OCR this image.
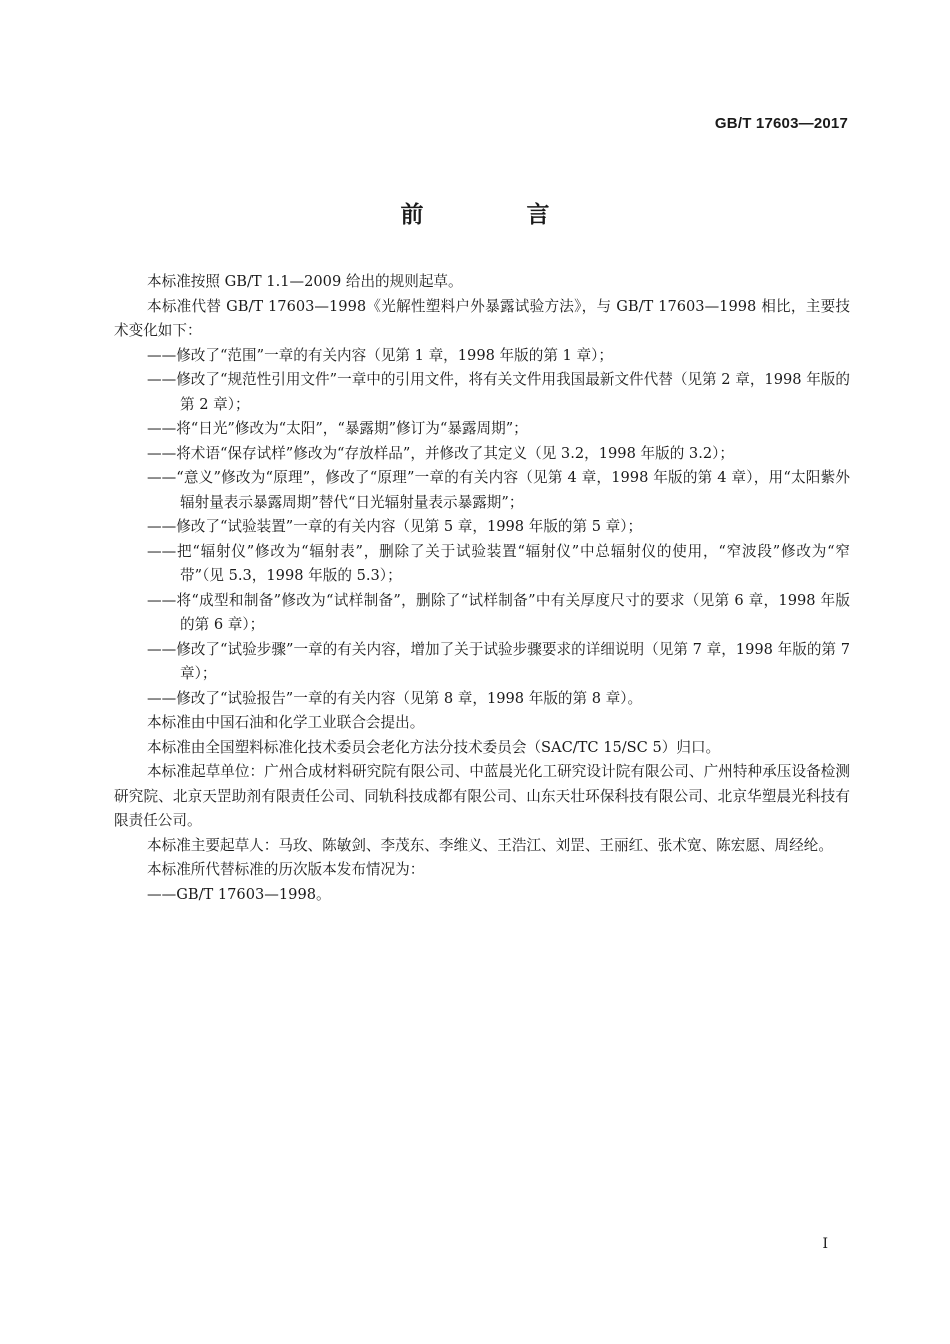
GB/T 17603—2017
前　言

本标准按照 GB/T 1.1—2009 给出的规则起草。

本标准代替 GB/T 17603—1998《光解性塑料户外暴露试验方法》，与 GB/T 17603—1998 相比，主要技术变化如下：

——修改了“范围”一章的有关内容（见第 1 章，1998 年版的第 1 章）；

——修改了“规范性引用文件”一章中的引用文件，将有关文件用我国最新文件代替（见第 2 章，1998 年版的第 2 章）；

——将“日光”修改为“太阳”，“暴露期”修订为“暴露周期”；

——将术语“保存试样”修改为“存放样品”，并修改了其定义（见 3.2，1998 年版的 3.2）；

——“意义”修改为“原理”，修改了“原理”一章的有关内容（见第 4 章，1998 年版的第 4 章），用“太阳紫外辐射量表示暴露周期”替代“日光辐射量表示暴露期”；

——修改了“试验装置”一章的有关内容（见第 5 章，1998 年版的第 5 章）；

——把“辐射仪”修改为“辐射表”，删除了关于试验装置“辐射仪”中总辐射仪的使用，“窄波段”修改为“窄带”（见 5.3，1998 年版的 5.3）；

——将“成型和制备”修改为“试样制备”，删除了“试样制备”中有关厚度尺寸的要求（见第 6 章，1998 年版的第 6 章）；

——修改了“试验步骤”一章的有关内容，增加了关于试验步骤要求的详细说明（见第 7 章，1998 年版的第 7 章）；

——修改了“试验报告”一章的有关内容（见第 8 章，1998 年版的第 8 章）。

本标准由中国石油和化学工业联合会提出。

本标准由全国塑料标准化技术委员会老化方法分技术委员会（SAC/TC 15/SC 5）归口。

本标准起草单位：广州合成材料研究院有限公司、中蓝晨光化工研究设计院有限公司、广州特种承压设备检测研究院、北京天罡助剂有限责任公司、同轨科技成都有限公司、山东天壮环保科技有限公司、北京华塑晨光科技有限责任公司。

本标准主要起草人：马玫、陈敏剑、李茂东、李维义、王浩江、刘罡、王丽红、张术宽、陈宏愿、周经纶。

本标准所代替标准的历次版本发布情况为：

——GB/T 17603—1998。

Ⅰ
